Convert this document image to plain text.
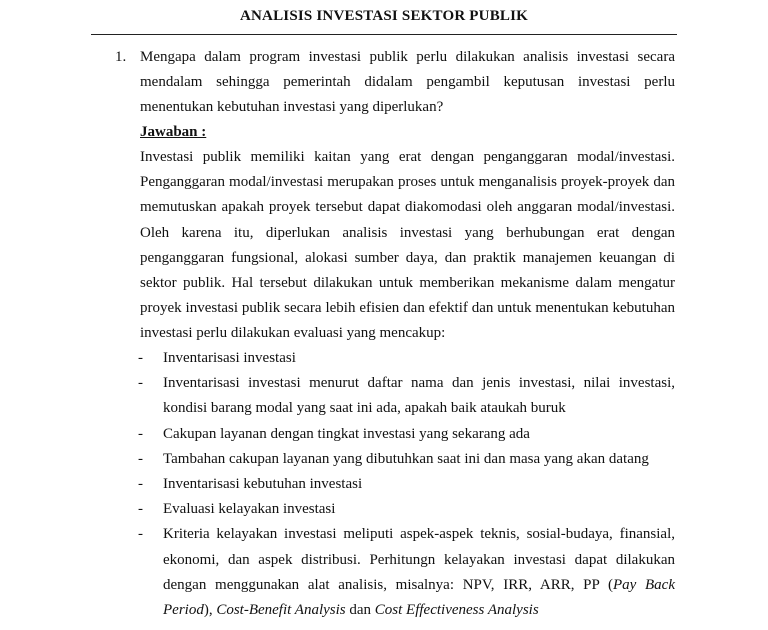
ANALISIS INVESTASI SEKTOR PUBLIK
1. Mengapa dalam program investasi publik perlu dilakukan analisis investasi secara mendalam sehingga pemerintah didalam pengambil keputusan investasi perlu menentukan kebutuhan investasi yang diperlukan?
Jawaban :
Investasi publik memiliki kaitan yang erat dengan penganggaran modal/investasi. Penganggaran modal/investasi merupakan proses untuk menganalisis proyek-proyek dan memutuskan apakah proyek tersebut dapat diakomodasi oleh anggaran modal/investasi. Oleh karena itu, diperlukan analisis investasi yang berhubungan erat dengan penganggaran fungsional, alokasi sumber daya, dan praktik manajemen keuangan di sektor publik. Hal tersebut dilakukan untuk memberikan mekanisme dalam mengatur proyek investasi publik secara lebih efisien dan efektif dan untuk menentukan kebutuhan investasi perlu dilakukan evaluasi yang mencakup:
- Inventarisasi investasi
- Inventarisasi investasi menurut daftar nama dan jenis investasi, nilai investasi, kondisi barang modal yang saat ini ada, apakah baik ataukah buruk
- Cakupan layanan dengan tingkat investasi yang sekarang ada
- Tambahan cakupan layanan yang dibutuhkan saat ini dan masa yang akan datang
- Inventarisasi kebutuhan investasi
- Evaluasi kelayakan investasi
- Kriteria kelayakan investasi meliputi aspek-aspek teknis, sosial-budaya, finansial, ekonomi, dan aspek distribusi. Perhitungn kelayakan investasi dapat dilakukan dengan menggunakan alat analisis, misalnya: NPV, IRR, ARR, PP (Pay Back Period), Cost-Benefit Analysis dan Cost Effectiveness Analysis
